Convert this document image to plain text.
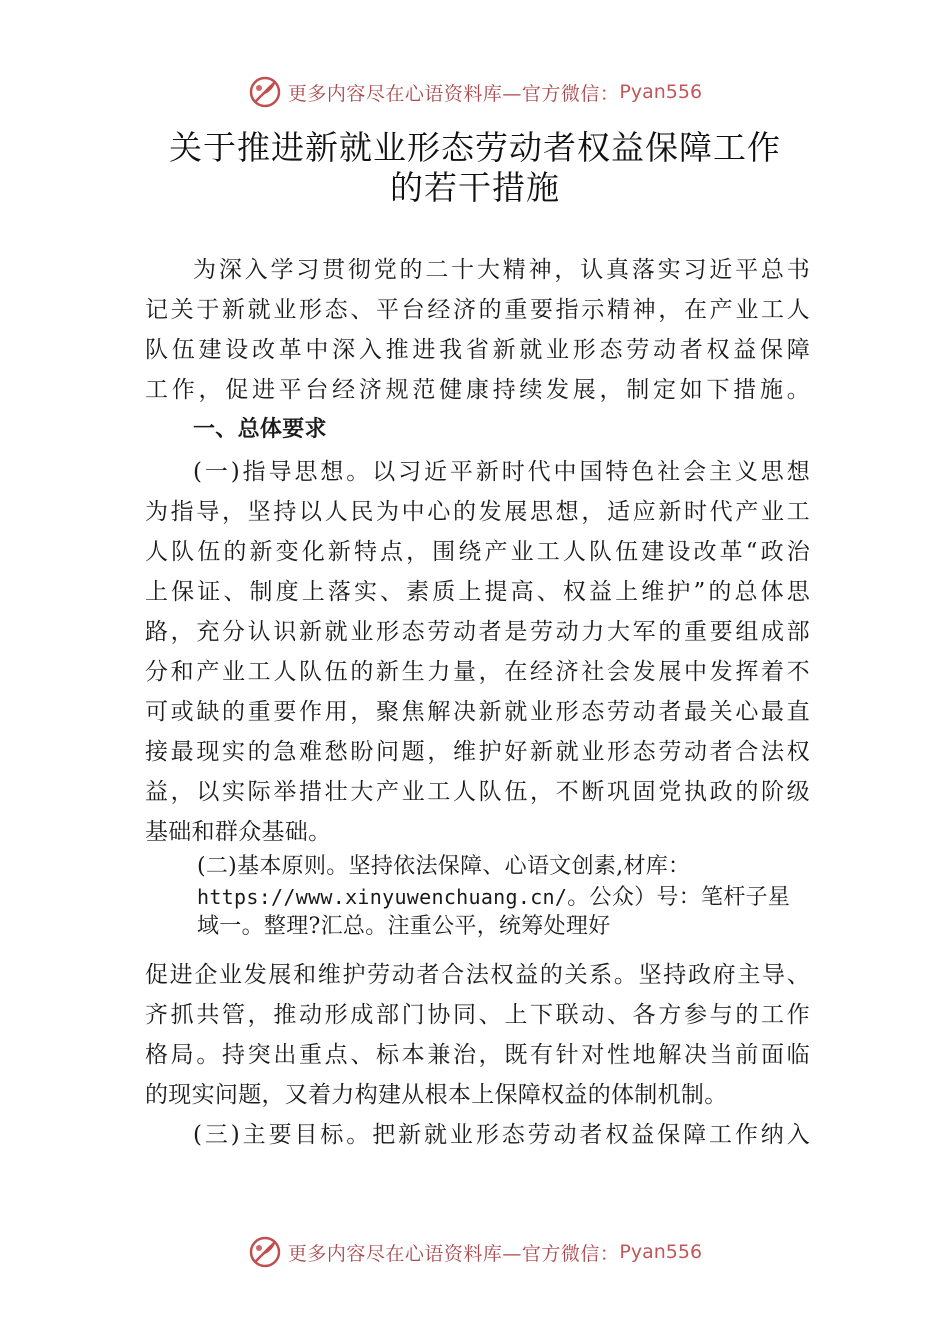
更多内容尽在心语资料库—官方微信： Pyan556
关于推进新就业形态劳动者权益保障工作
的若干措施
为深入学习贯彻党的二十大精神，认真落实习近平总书
记关于新就业形态、平台经济的重要指示精神，在产业工人
队伍建设改革中深入推进我省新就业形态劳动者权益保障
工作，促进平台经济规范健康持续发展，制定如下措施。
一、总体要求
(一)指导思想。以习近平新时代中国特色社会主义思想
为指导，坚持以人民为中心的发展思想，适应新时代产业工
人队伍的新变化新特点，围绕产业工人队伍建设改革“政治
上保证、制度上落实、素质上提高、权益上维护”的总体思
路，充分认识新就业形态劳动者是劳动力大军的重要组成部
分和产业工人队伍的新生力量，在经济社会发展中发挥着不
可或缺的重要作用，聚焦解决新就业形态劳动者最关心最直
接最现实的急难愁盼问题，维护好新就业形态劳动者合法权
益，以实际举措壮大产业工人队伍，不断巩固党执政的阶级
基础和群众基础。
(二)基本原则。坚持依法保障、心语文创素,材库：
https://www.xinyuwenchuang.cn/。公众）号：笔杆子星
域一。整理?汇总。注重公平，统筹处理好
促进企业发展和维护劳动者合法权益的关系。坚持政府主导、
齐抓共管，推动形成部门协同、上下联动、各方参与的工作
格局。持突出重点、标本兼治，既有针对性地解决当前面临
的现实问题，又着力构建从根本上保障权益的体制机制。
(三)主要目标。把新就业形态劳动者权益保障工作纳入
更多内容尽在心语资料库—官方微信： Pyan556
